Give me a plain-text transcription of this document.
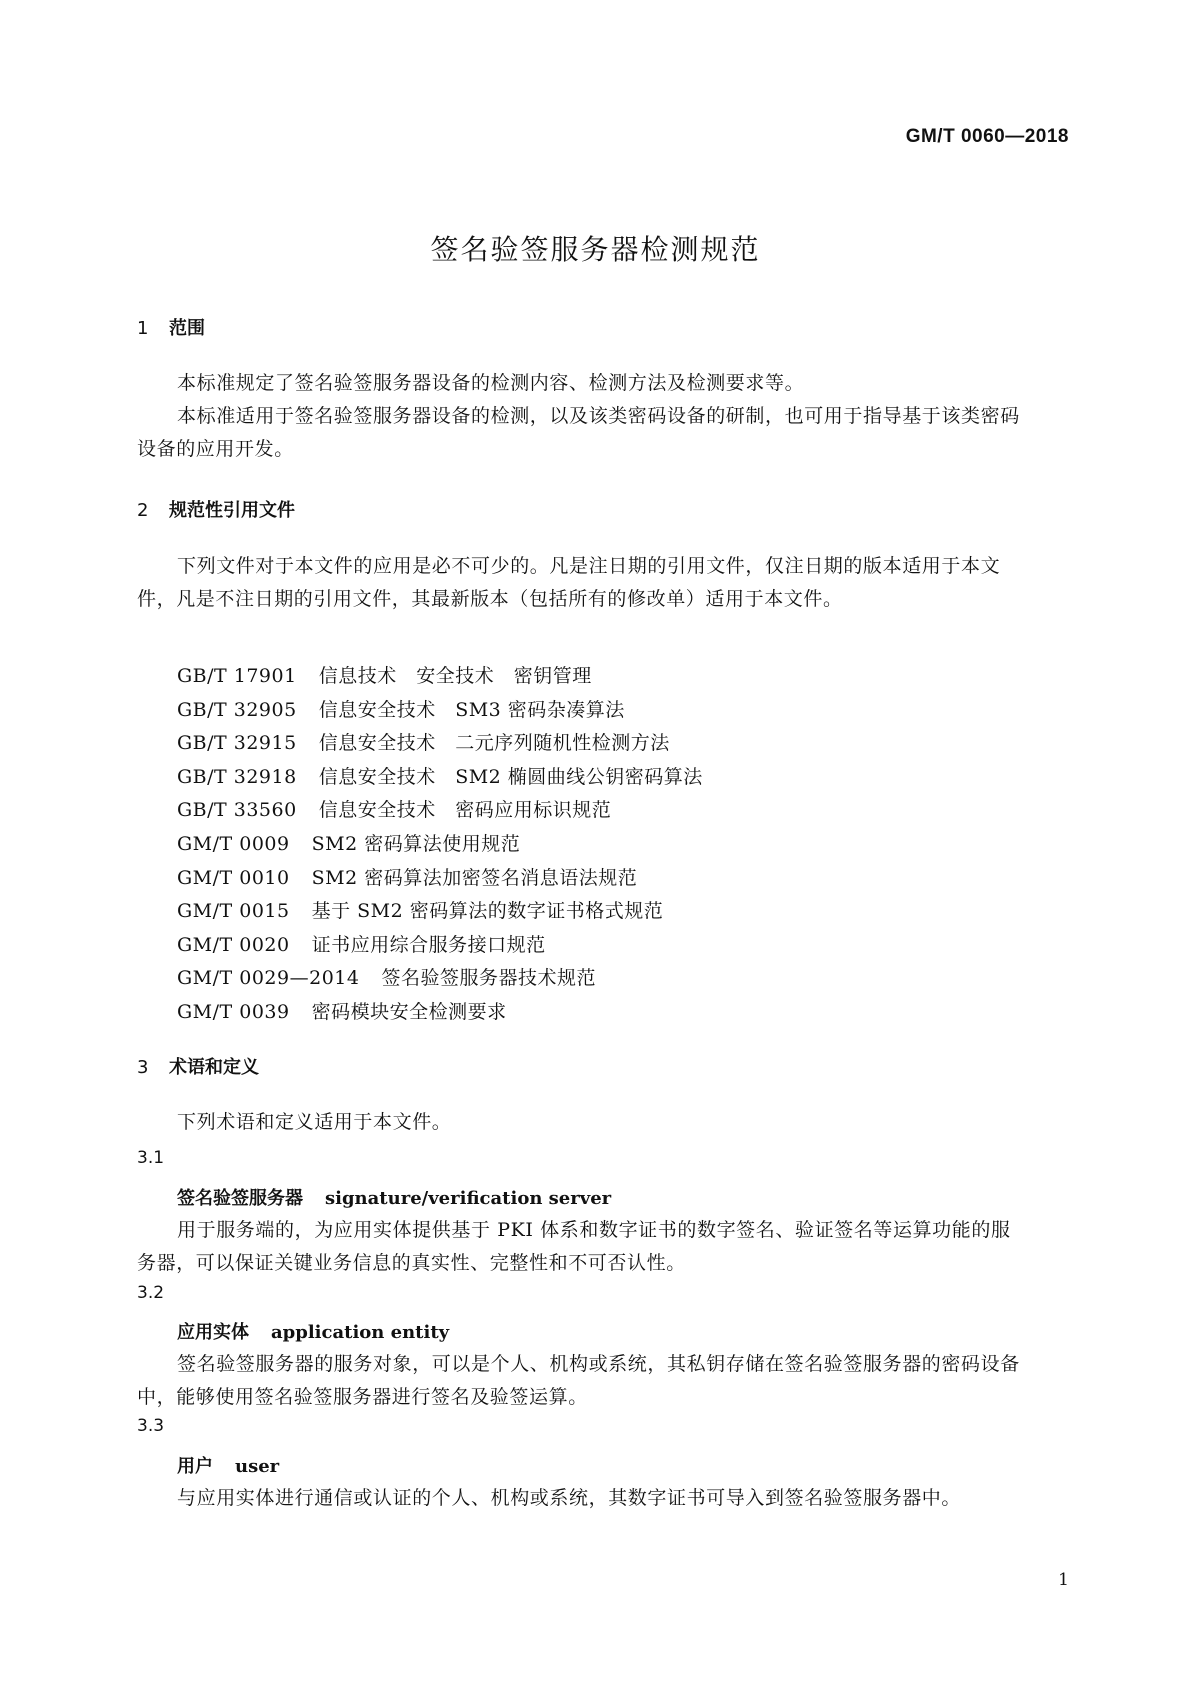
GM/T 0060—2018
签名验签服务器检测规范
1 范围
本标准规定了签名验签服务器设备的检测内容、检测方法及检测要求等。
本标准适用于签名验签服务器设备的检测，以及该类密码设备的研制，也可用于指导基于该类密码
设备的应用开发。
2 规范性引用文件
下列文件对于本文件的应用是必不可少的。凡是注日期的引用文件，仅注日期的版本适用于本文
件，凡是不注日期的引用文件，其最新版本（包括所有的修改单）适用于本文件。
GB/T 17901 信息技术　安全技术　密钥管理
GB/T 32905 信息安全技术　SM3 密码杂凑算法
GB/T 32915 信息安全技术　二元序列随机性检测方法
GB/T 32918 信息安全技术　SM2 椭圆曲线公钥密码算法
GB/T 33560 信息安全技术　密码应用标识规范
GM/T 0009 SM2 密码算法使用规范
GM/T 0010 SM2 密码算法加密签名消息语法规范
GM/T 0015 基于 SM2 密码算法的数字证书格式规范
GM/T 0020 证书应用综合服务接口规范
GM/T 0029—2014 签名验签服务器技术规范
GM/T 0039 密码模块安全检测要求
3 术语和定义
下列术语和定义适用于本文件。
3.1
签名验签服务器 signature/verification server
用于服务端的，为应用实体提供基于 PKI 体系和数字证书的数字签名、验证签名等运算功能的服
务器，可以保证关键业务信息的真实性、完整性和不可否认性。
3.2
应用实体 application entity
签名验签服务器的服务对象，可以是个人、机构或系统，其私钥存储在签名验签服务器的密码设备
中，能够使用签名验签服务器进行签名及验签运算。
3.3
用户 user
与应用实体进行通信或认证的个人、机构或系统，其数字证书可导入到签名验签服务器中。
1
